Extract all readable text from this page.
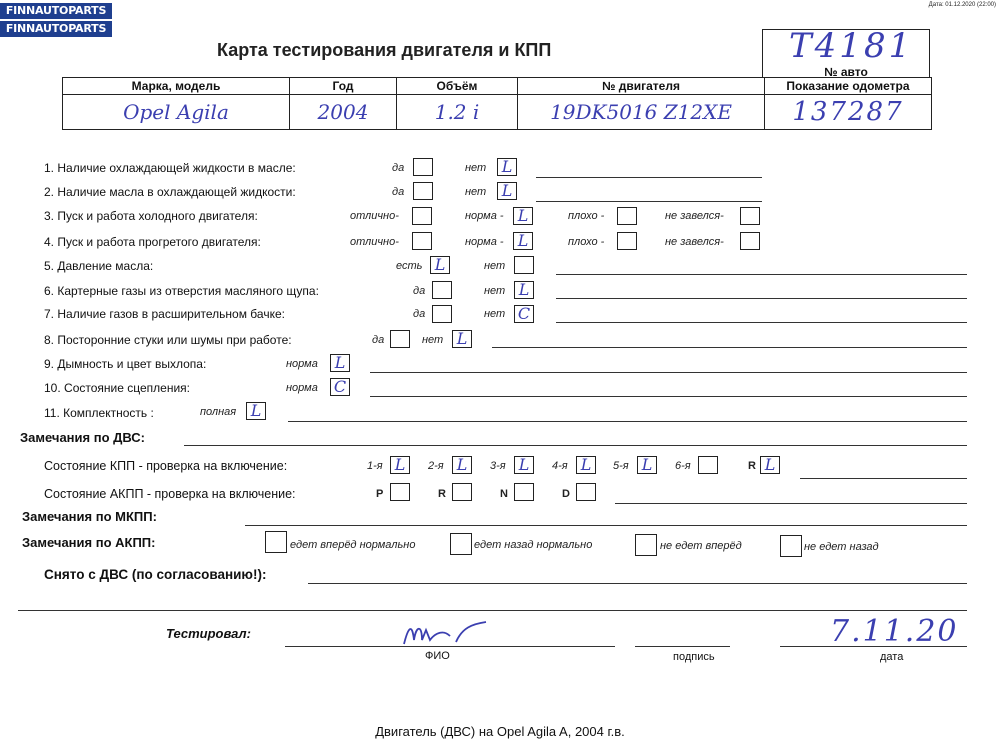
FINNAUTOPARTS
FINNAUTOPARTS
Дата: 01.12.2020 (22:00)
Карта тестирования двигателя и КПП	Т4181
№ авто
Марка, модель	Год	Объём	№ двигателя	Показание одометра
Opel Agila	2004	1.2 i	19DK5016 Z12XE	137287
1. Наличие охлаждающей жидкости в масле:	да	нет L
2. Наличие масла в охлаждающей жидкости:	да	нет L
3. Пуск и работа холодного двигателя:	отлично-	норма - L	плохо -	не завелся-
4. Пуск и работа прогретого двигателя:	отлично-	норма - L	плохо -	не завелся-
5. Давление масла:	есть L	нет
6. Картерные газы из отверстия масляного щупа:	да	нет L
7. Наличие газов в расширительном бачке:	да	нет C
8. Посторонние стуки или шумы при работе:	да	нет L
9. Дымность и цвет выхлопа:	норма L
10. Состояние сцепления:	норма C
11. Комплектность :	полная L
Замечания по ДВС:
Состояние КПП - проверка на включение:	1-я L	2-я L	3-я L	4-я L	5-я L	6-я	R L
Состояние АКПП - проверка на включение:	P	R	N	D
Замечания по МКПП:
Замечания по АКПП:	едет вперёд нормально	едет назад нормально	не едет вперёд	не едет назад
Снято с ДВС (по согласованию!):
Тестировал:	7.11.20
ФИО	подпись	дата
Двигатель (ДВС) на Opel Agila A, 2004 г.в.
